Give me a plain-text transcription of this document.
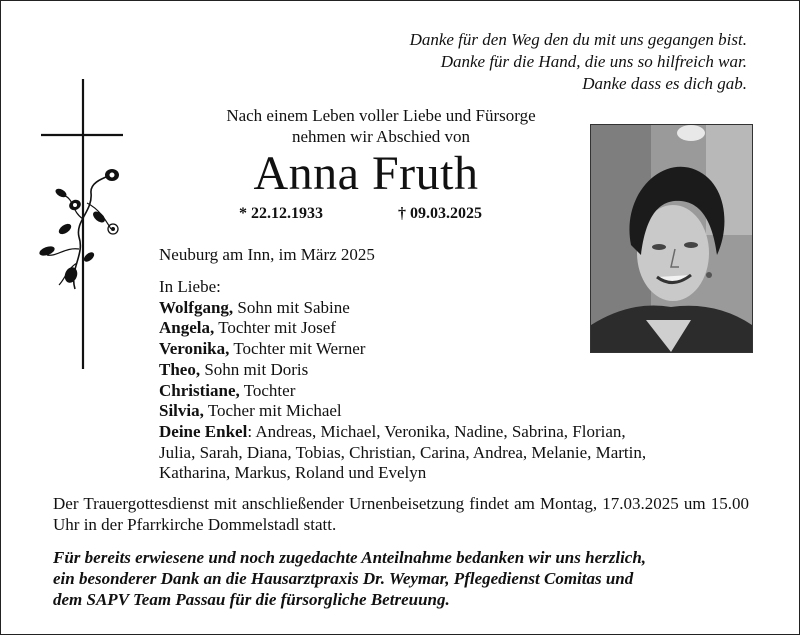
Danke für den Weg den du mit uns gegangen bist.
Danke für die Hand, die uns so hilfreich war.
Danke dass es dich gab.
Nach einem Leben voller Liebe und Fürsorge
nehmen wir Abschied von
Anna Fruth
* 22.12.1933	† 09.03.2025
Neuburg am Inn, im März 2025
In Liebe:
Wolfgang, Sohn mit Sabine
Angela, Tochter mit Josef
Veronika, Tochter mit Werner
Theo, Sohn mit Doris
Christiane, Tochter
Silvia, Tocher mit Michael
Deine Enkel: Andreas, Michael, Veronika, Nadine, Sabrina, Florian,
Julia, Sarah, Diana, Tobias, Christian, Carina, Andrea, Melanie, Martin,
Katharina, Markus, Roland und Evelyn
Der Trauergottesdienst mit anschließender Urnenbeisetzung findet am Montag, 17.03.2025 um 15.00 Uhr in der Pfarrkirche Dommelstadl statt.
Für bereits erwiesene und noch zugedachte Anteilnahme bedanken wir uns herzlich,
ein besonderer Dank an die Hausarztpraxis Dr. Weymar, Pflegedienst Comitas und
dem SAPV Team Passau für die fürsorgliche Betreuung.
